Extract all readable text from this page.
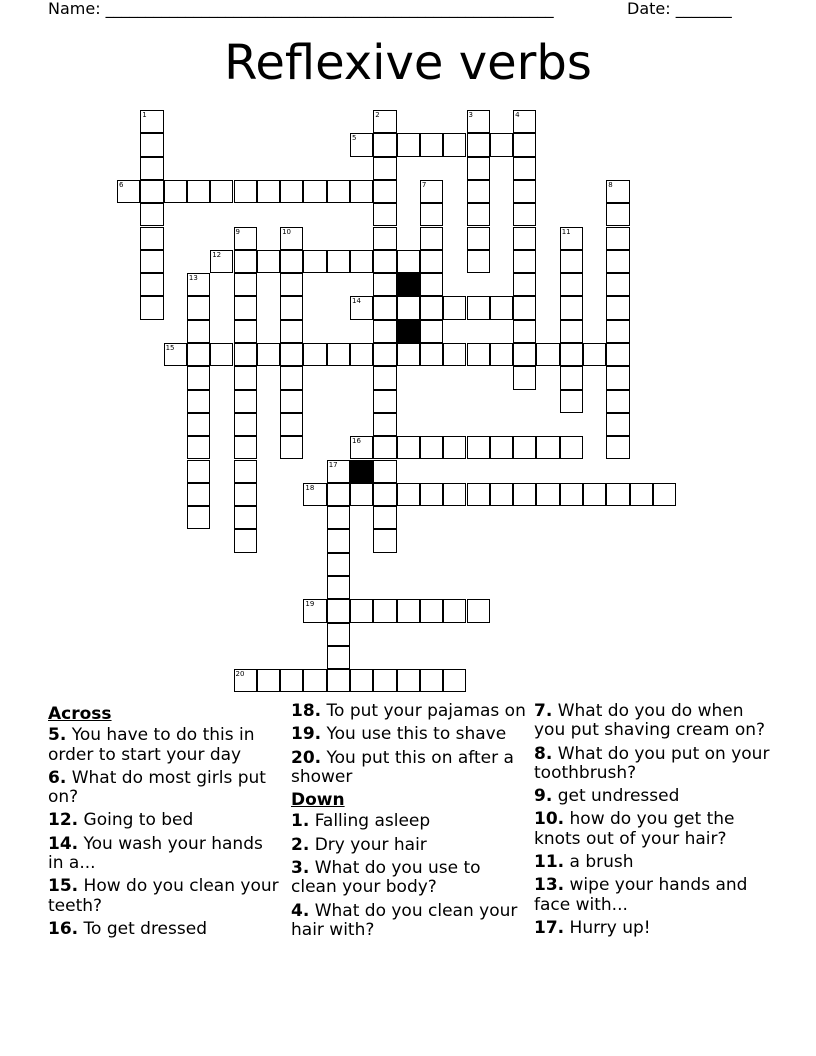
Name: ________________________________________________________	Date: _______
Reflexive verbs
1	2	3	4
5
6	7	8
9	10	11
12
13
14
15
16
17
18
19
20
Across
5. You have to do this in order to start your day
6. What do most girls put on?
12. Going to bed
14. You wash your hands in a...
15. How do you clean your teeth?
16. To get dressed
18. To put your pajamas on
19. You use this to shave
20. You put this on after a shower
Down
1. Falling asleep
2. Dry your hair
3. What do you use to clean your body?
4. What do you clean your hair with?
7. What do you do when you put shaving cream on?
8. What do you put on your toothbrush?
9. get undressed
10. how do you get the knots out of your hair?
11. a brush
13. wipe your hands and face with...
17. Hurry up!
